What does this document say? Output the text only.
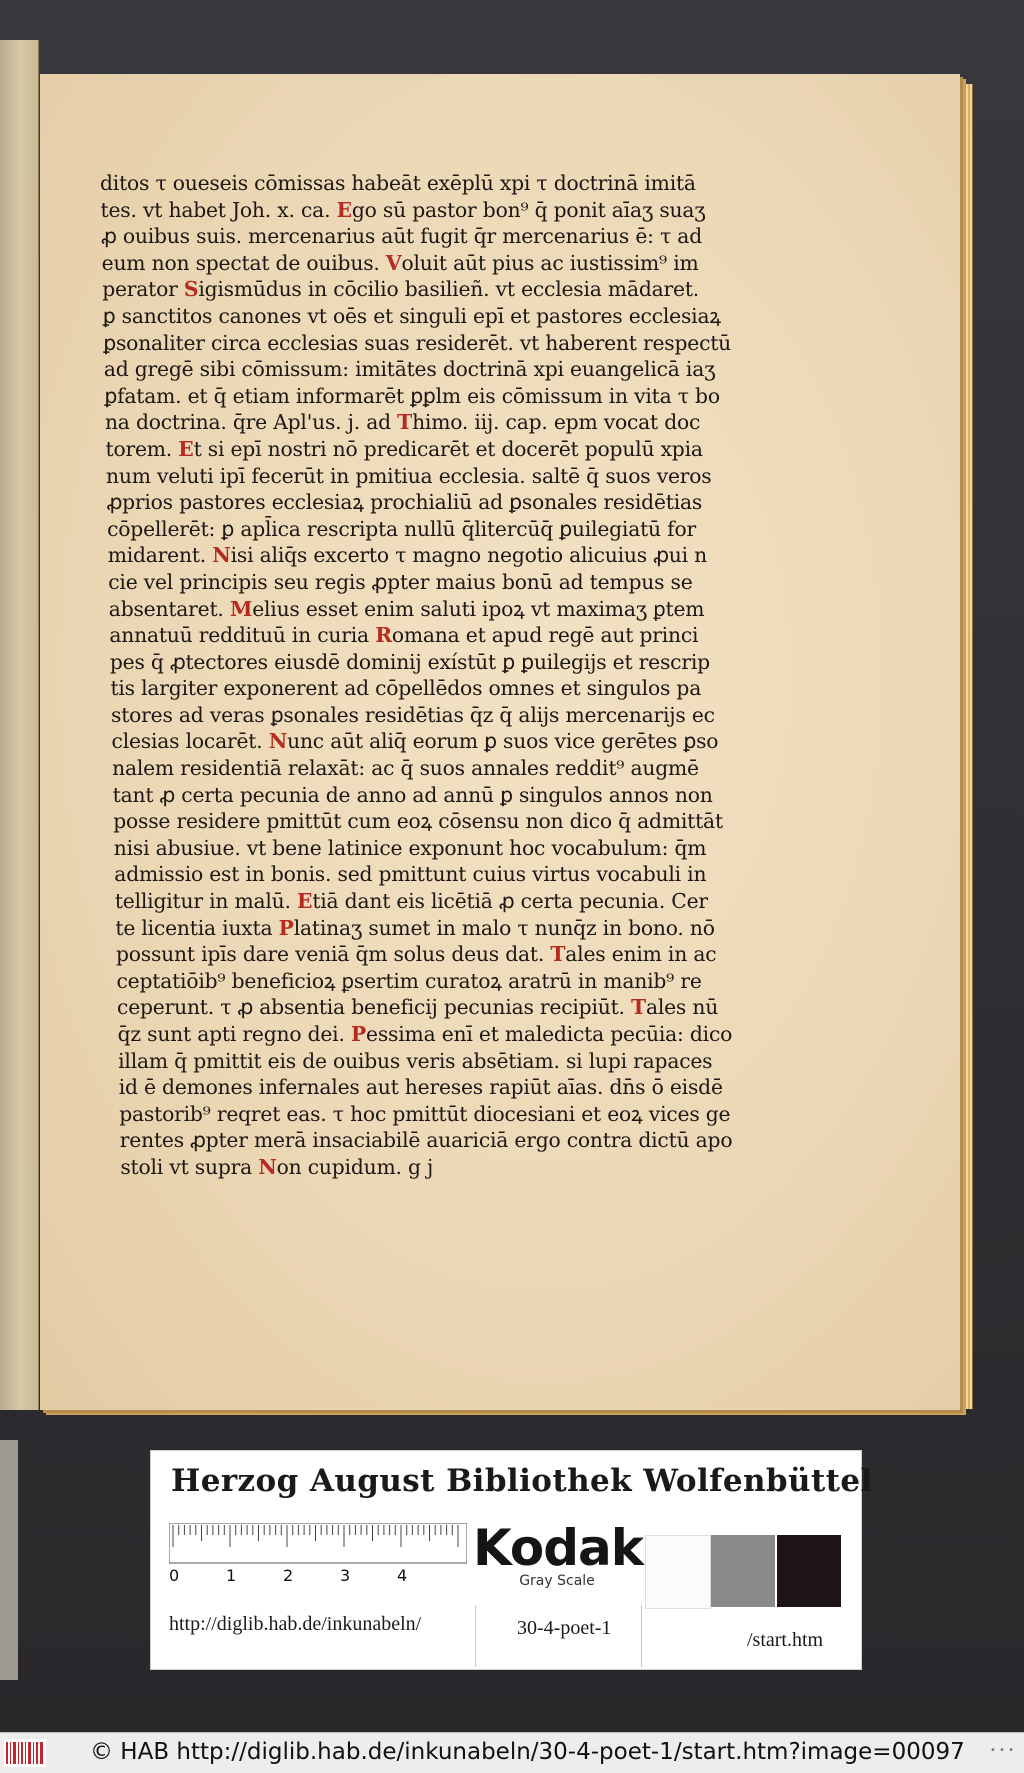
ditos τ oueseis cōmissas habeāt exēplū xpi τ doctrinā imitā
tes. vt habet Joh. x. ca. Ego sū pastor bon⁹ q̄ ponit aīaʒ suaʒ
ꝓ ouibus suis. mercenarius aūt fugit q̄r mercenarius ē: τ ad
eum non spectat de ouibus. Voluit aūt pius ac iustissim⁹ im
perator Sigismūdus in cōcilio basilieñ. vt ecclesia mādaret.
ꝑ sanctitos canones vt oēs et singuli epī et pastores ecclesiaꝝ
ꝑsonaliter circa ecclesias suas residerēt. vt haberent respectū
ad gregē sibi cōmissum: imitātes doctrinā xpi euangelicā iaʒ
ꝑfatam. et q̄ etiam informarēt ꝑꝑlm eis cōmissum in vita τ bo
na doctrina. q̄re Apl'us. j. ad Thimo. iij. cap. epm vocat doc
torem. Et si epī nostri nō predicarēt et docerēt populū xpia
num veluti ipī fecerūt in pmitiua ecclesia. saltē q̄ suos veros
ꝓprios pastores ecclesiaꝝ prochialiū ad ꝑsonales residētias
cōpellerēt: ꝑ apl̄ica rescripta nullū q̄litercūq̄ ꝑuilegiatū for
midarent. Nisi aliq̄s excerto τ magno negotio alicuius ꝓui n
cie vel principis seu regis ꝓpter maius bonū ad tempus se
absentaret. Melius esset enim saluti ipoꝝ vt maximaʒ ꝑtem
annatuū reddituū in curia Romana et apud regē aut princi
pes q̄ ꝓtectores eiusdē dominij exístūt ꝑ ꝑuilegijs et rescrip
tis largiter exponerent ad cōpellēdos omnes et singulos pa
stores ad veras ꝑsonales residētias q̄z q̄ alijs mercenarijs ec
clesias locarēt. Nunc aūt aliq̄ eorum ꝑ suos vice gerētes ꝑso
nalem residentiā relaxāt: ac q̄ suos annales reddit⁹ augmē
tant ꝓ certa pecunia de anno ad annū ꝑ singulos annos non
posse residere pmittūt cum eoꝝ cōsensu non dico q̄ admittāt
nisi abusiue. vt bene latinice exponunt hoc vocabulum: q̄m
admissio est in bonis. sed pmittunt cuius virtus vocabuli in
telligitur in malū. Etiā dant eis licētiā ꝓ certa pecunia. Cer
te licentia iuxta Platinaʒ sumet in malo τ nunq̄z in bono. nō
possunt ipīs dare veniā q̄m solus deus dat. Tales enim in ac
ceptatiōib⁹ beneficioꝝ ꝑsertim curatoꝝ aratrū in manib⁹ re
ceperunt. τ ꝓ absentia beneficij pecunias recipiūt. Tales nū
q̄z sunt apti regno dei. Pessima enī et maledicta pecūia: dico
illam q̄ pmittit eis de ouibus veris absētiam. si lupi rapaces
id ē demones infernales aut hereses rapiūt aīas. dn̄s ō eisdē
pastorib⁹ reqret eas. τ hoc pmittūt diocesiani et eoꝝ vices ge
rentes ꝓpter merā insaciabilē auariciā ergo contra dictū apo
stoli vt supra Non cupidum. g j
Herzog August Bibliothek Wolfenbüttel
0	1	2	3	4 Kodak
Gray Scale
http://diglib.hab.de/inkunabeln/	30-4-poet-1
/start.htm
© HAB http://diglib.hab.de/inkunabeln/30-4-poet-1/start.htm?image=00097	• • •
